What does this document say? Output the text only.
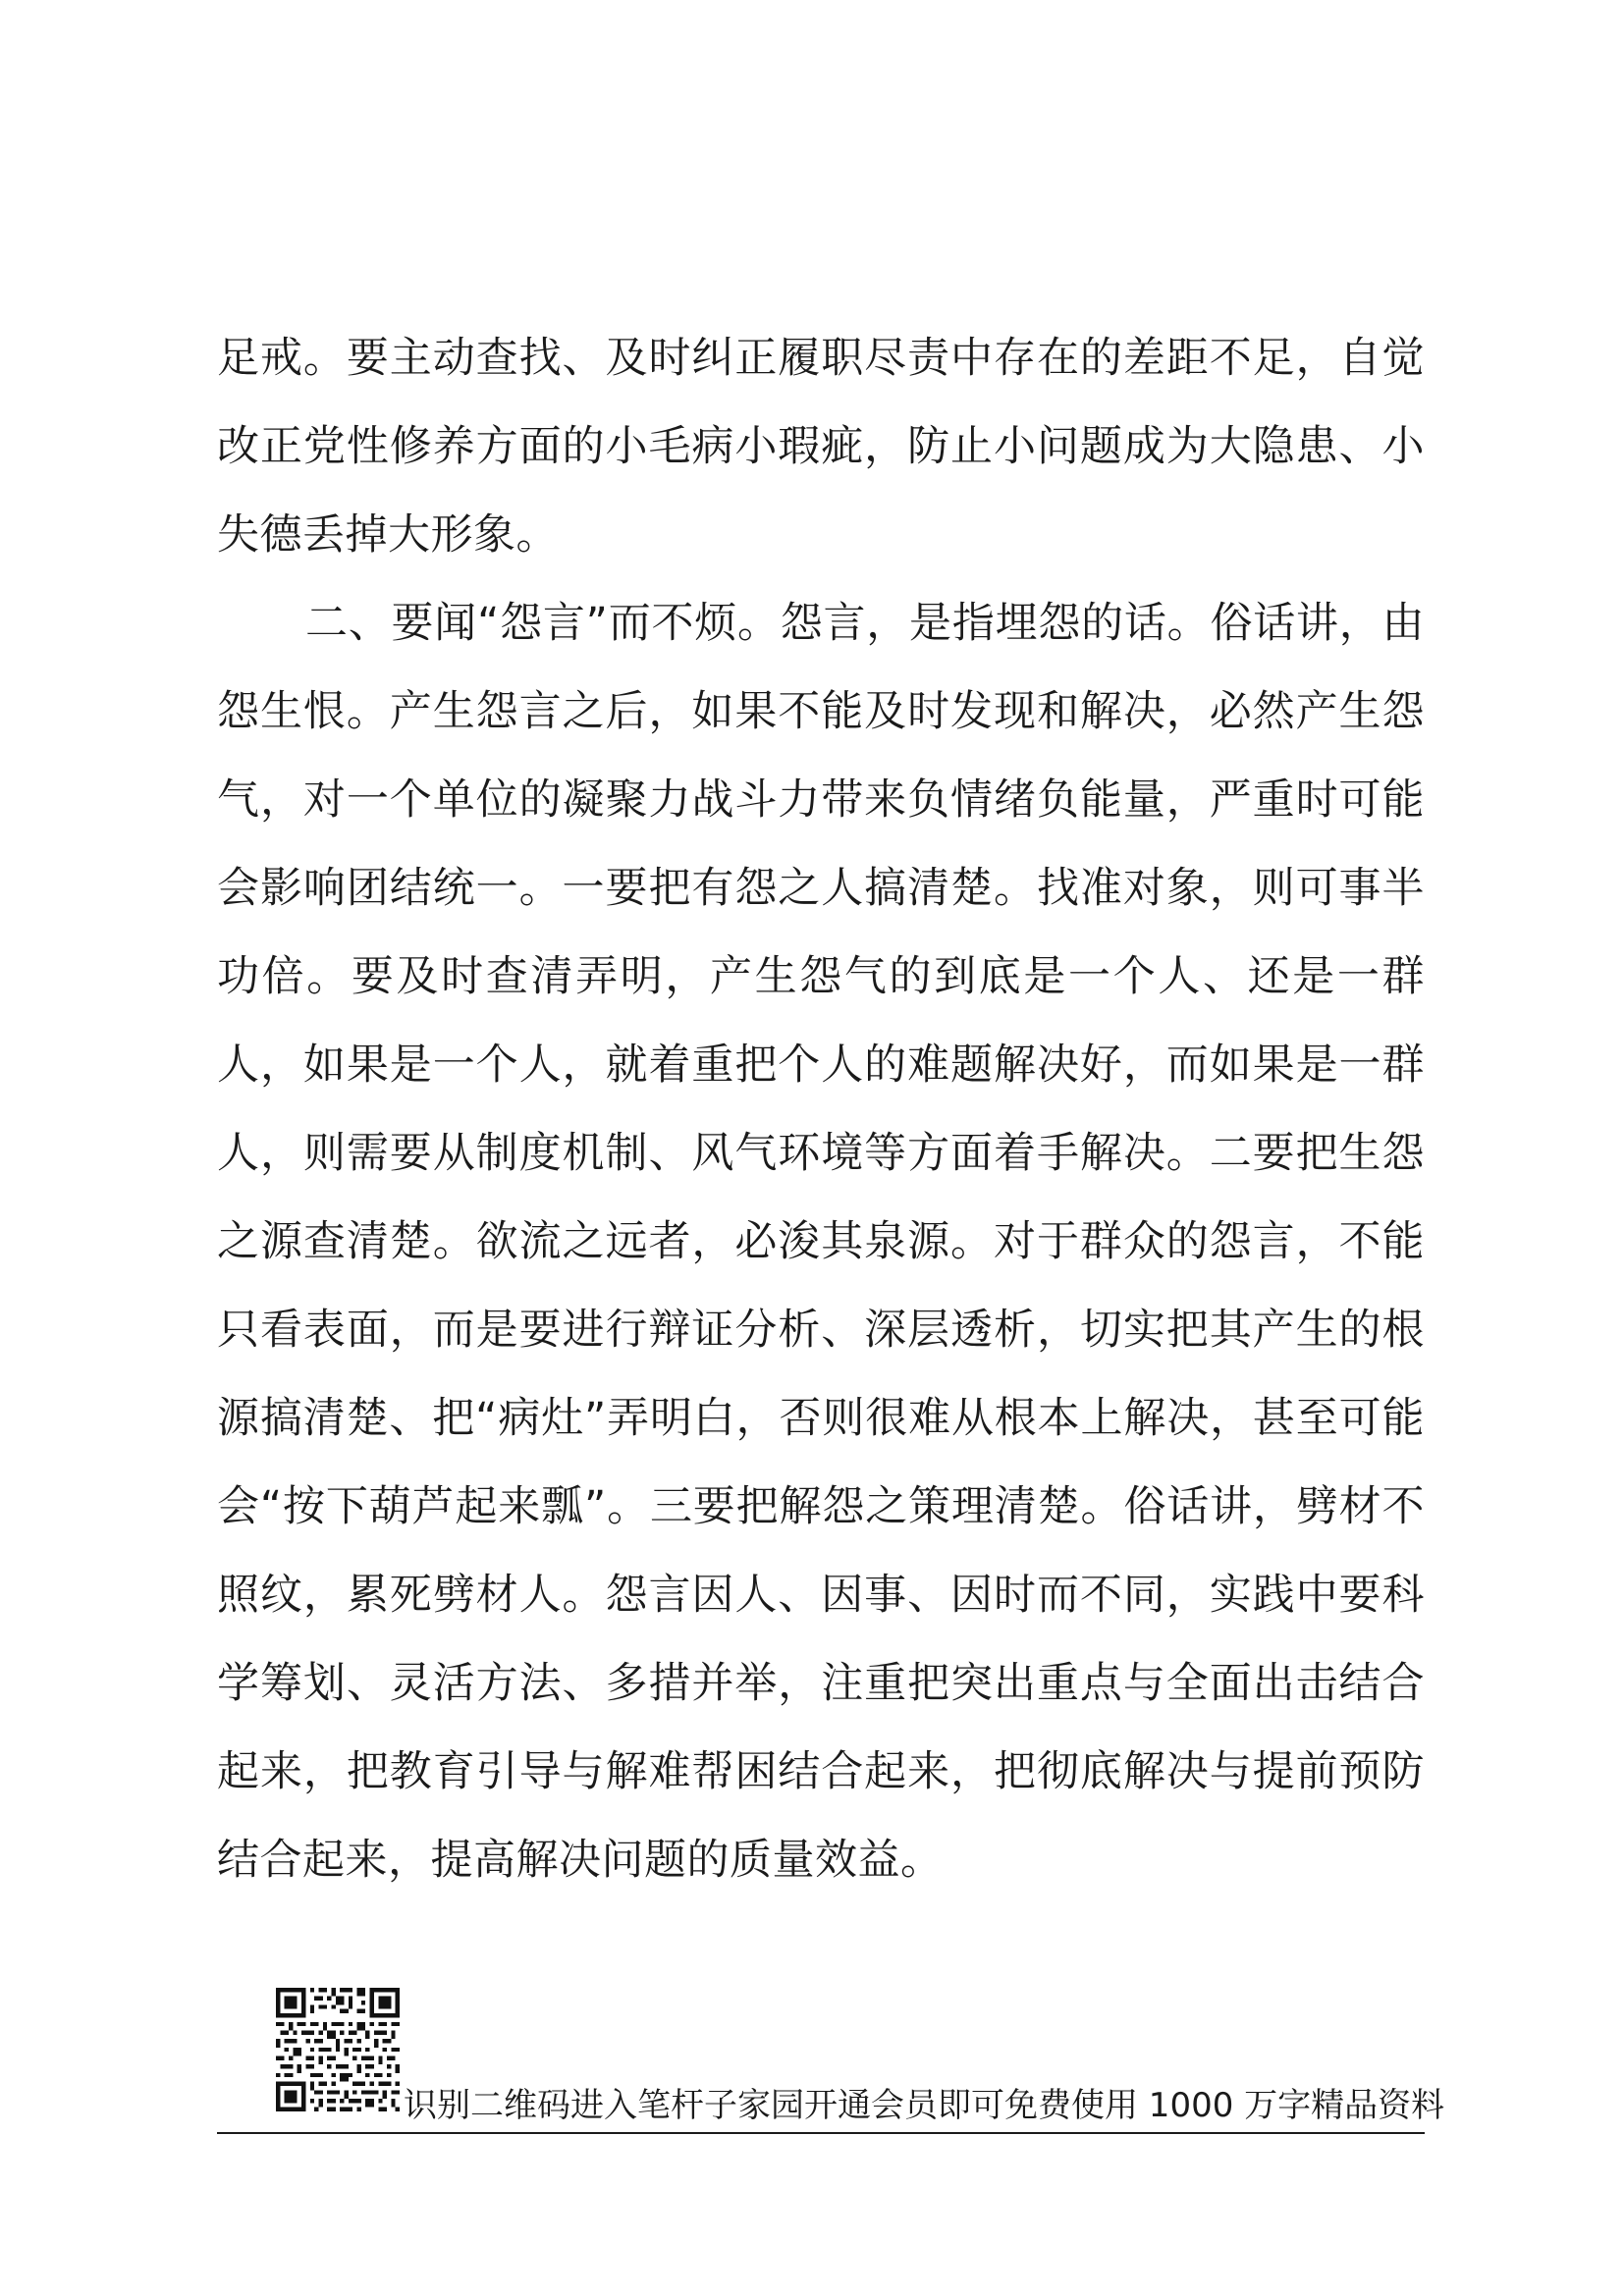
足戒。要主动查找、及时纠正履职尽责中存在的差距不足，自觉改正党性修养方面的小毛病小瑕疵，防止小问题成为大隐患、小失德丢掉大形象。

二、要闻“怨言”而不烦。怨言，是指埋怨的话。俗话讲，由怨生恨。产生怨言之后，如果不能及时发现和解决，必然产生怨气，对一个单位的凝聚力战斗力带来负情绪负能量，严重时可能会影响团结统一。一要把有怨之人搞清楚。找准对象，则可事半功倍。要及时查清弄明，产生怨气的到底是一个人、还是一群人，如果是一个人，就着重把个人的难题解决好，而如果是一群人，则需要从制度机制、风气环境等方面着手解决。二要把生怨之源查清楚。欲流之远者，必浚其泉源。对于群众的怨言，不能只看表面，而是要进行辩证分析、深层透析，切实把其产生的根源搞清楚、把“病灶”弄明白，否则很难从根本上解决，甚至可能会“按下葫芦起来瓢”。三要把解怨之策理清楚。俗话讲，劈材不照纹，累死劈材人。怨言因人、因事、因时而不同，实践中要科学筹划、灵活方法、多措并举，注重把突出重点与全面出击结合起来，把教育引导与解难帮困结合起来，把彻底解决与提前预防结合起来，提高解决问题的质量效益。

识别二维码进入笔杆子家园开通会员即可免费使用 1000 万字精品资料
